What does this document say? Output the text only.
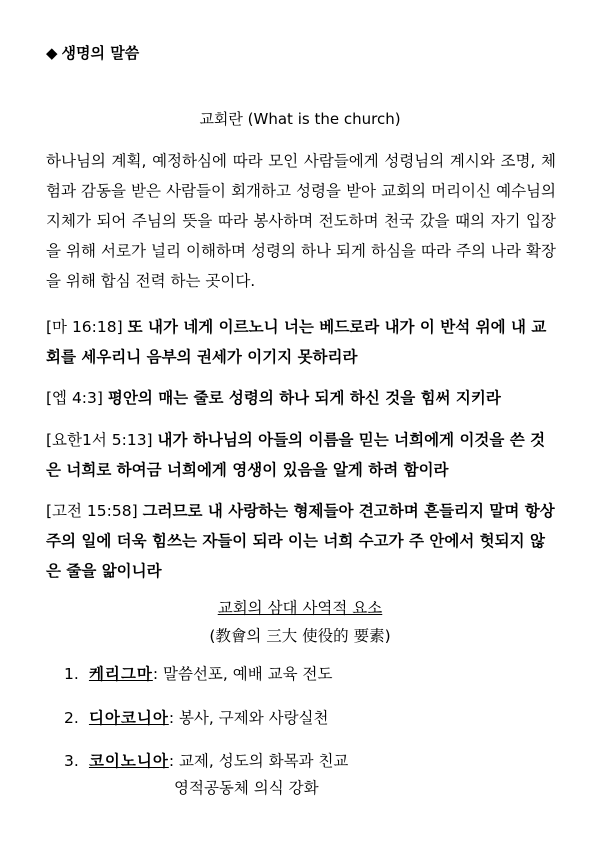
◆ 생명의 말씀
교회란 (What is the church)
하나님의 계획, 예정하심에 따라 모인 사람들에게 성령님의 계시와 조명, 체험과 감동을 받은 사람들이 회개하고 성령을 받아 교회의 머리이신 예수님의 지체가 되어 주님의 뜻을 따라 봉사하며 전도하며 천국 갔을 때의 자기 입장을 위해 서로가 널리 이해하며 성령의 하나 되게 하심을 따라 주의 나라 확장을 위해 합심 전력 하는 곳이다.
[마 16:18] 또 내가 네게 이르노니 너는 베드로라 내가 이 반석 위에 내 교회를 세우리니 음부의 권세가 이기지 못하리라
[엡 4:3] 평안의 매는 줄로 성령의 하나 되게 하신 것을 힘써 지키라
[요한1서 5:13] 내가 하나님의 아들의 이름을 믿는 너희에게 이것을 쓴 것은 너희로 하여금 너희에게 영생이 있음을 알게 하려 함이라
[고전 15:58] 그러므로 내 사랑하는 형제들아 견고하며 흔들리지 말며 항상 주의 일에 더욱 힘쓰는 자들이 되라 이는 너희 수고가 주 안에서 헛되지 않은 줄을 앎이니라
교회의 삼대 사역적 요소
(教會의 三大 使役的 要素)
1. 케리그마: 말씀선포, 예배 교육 전도
2. 디아코니아: 봉사, 구제와 사랑실천
3. 코이노니아: 교제, 성도의 화목과 친교
영적공동체 의식 강화
